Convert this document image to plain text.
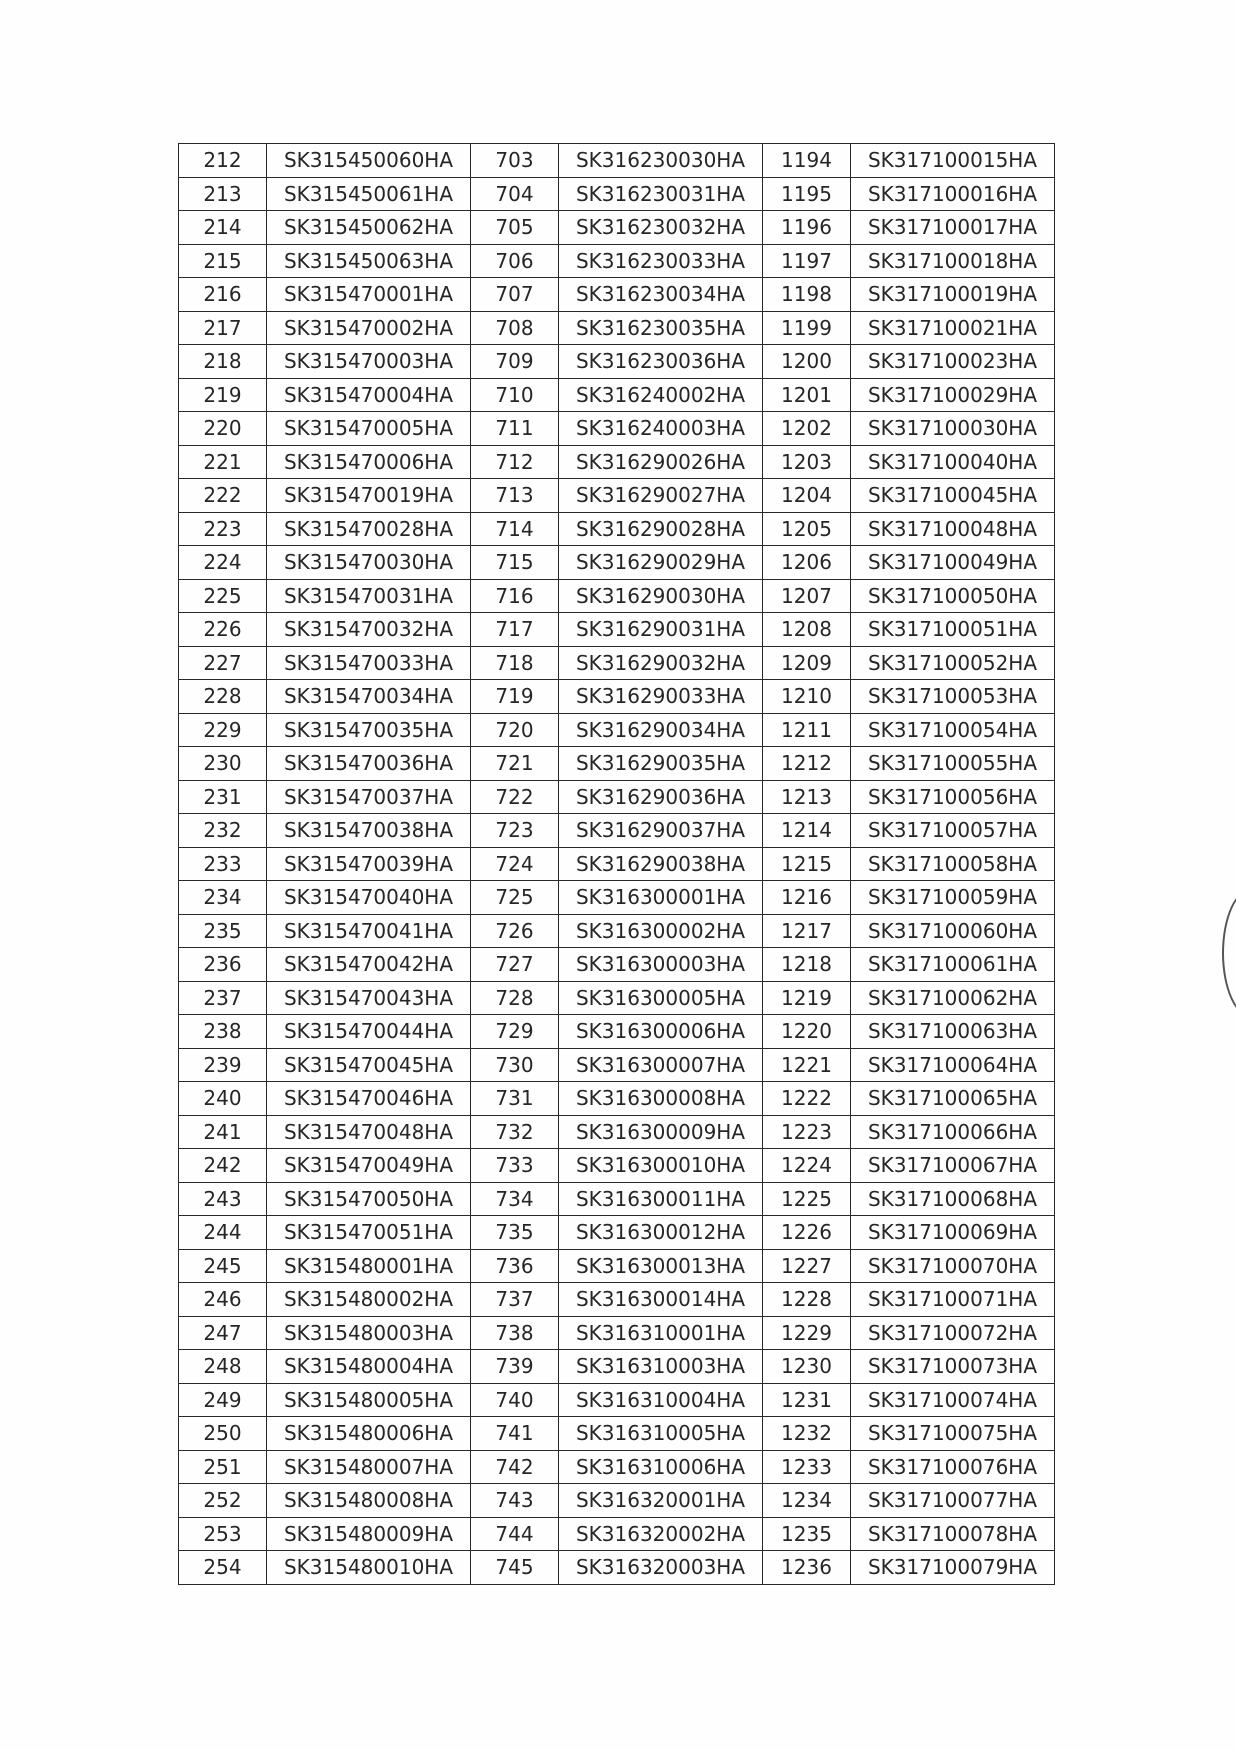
212	SK315450060HA	703	SK316230030HA	1194	SK317100015HA
213	SK315450061HA	704	SK316230031HA	1195	SK317100016HA
214	SK315450062HA	705	SK316230032HA	1196	SK317100017HA
215	SK315450063HA	706	SK316230033HA	1197	SK317100018HA
216	SK315470001HA	707	SK316230034HA	1198	SK317100019HA
217	SK315470002HA	708	SK316230035HA	1199	SK317100021HA
218	SK315470003HA	709	SK316230036HA	1200	SK317100023HA
219	SK315470004HA	710	SK316240002HA	1201	SK317100029HA
220	SK315470005HA	711	SK316240003HA	1202	SK317100030HA
221	SK315470006HA	712	SK316290026HA	1203	SK317100040HA
222	SK315470019HA	713	SK316290027HA	1204	SK317100045HA
223	SK315470028HA	714	SK316290028HA	1205	SK317100048HA
224	SK315470030HA	715	SK316290029HA	1206	SK317100049HA
225	SK315470031HA	716	SK316290030HA	1207	SK317100050HA
226	SK315470032HA	717	SK316290031HA	1208	SK317100051HA
227	SK315470033HA	718	SK316290032HA	1209	SK317100052HA
228	SK315470034HA	719	SK316290033HA	1210	SK317100053HA
229	SK315470035HA	720	SK316290034HA	1211	SK317100054HA
230	SK315470036HA	721	SK316290035HA	1212	SK317100055HA
231	SK315470037HA	722	SK316290036HA	1213	SK317100056HA
232	SK315470038HA	723	SK316290037HA	1214	SK317100057HA
233	SK315470039HA	724	SK316290038HA	1215	SK317100058HA
234	SK315470040HA	725	SK316300001HA	1216	SK317100059HA
235	SK315470041HA	726	SK316300002HA	1217	SK317100060HA
236	SK315470042HA	727	SK316300003HA	1218	SK317100061HA
237	SK315470043HA	728	SK316300005HA	1219	SK317100062HA
238	SK315470044HA	729	SK316300006HA	1220	SK317100063HA
239	SK315470045HA	730	SK316300007HA	1221	SK317100064HA
240	SK315470046HA	731	SK316300008HA	1222	SK317100065HA
241	SK315470048HA	732	SK316300009HA	1223	SK317100066HA
242	SK315470049HA	733	SK316300010HA	1224	SK317100067HA
243	SK315470050HA	734	SK316300011HA	1225	SK317100068HA
244	SK315470051HA	735	SK316300012HA	1226	SK317100069HA
245	SK315480001HA	736	SK316300013HA	1227	SK317100070HA
246	SK315480002HA	737	SK316300014HA	1228	SK317100071HA
247	SK315480003HA	738	SK316310001HA	1229	SK317100072HA
248	SK315480004HA	739	SK316310003HA	1230	SK317100073HA
249	SK315480005HA	740	SK316310004HA	1231	SK317100074HA
250	SK315480006HA	741	SK316310005HA	1232	SK317100075HA
251	SK315480007HA	742	SK316310006HA	1233	SK317100076HA
252	SK315480008HA	743	SK316320001HA	1234	SK317100077HA
253	SK315480009HA	744	SK316320002HA	1235	SK317100078HA
254	SK315480010HA	745	SK316320003HA	1236	SK317100079HA
